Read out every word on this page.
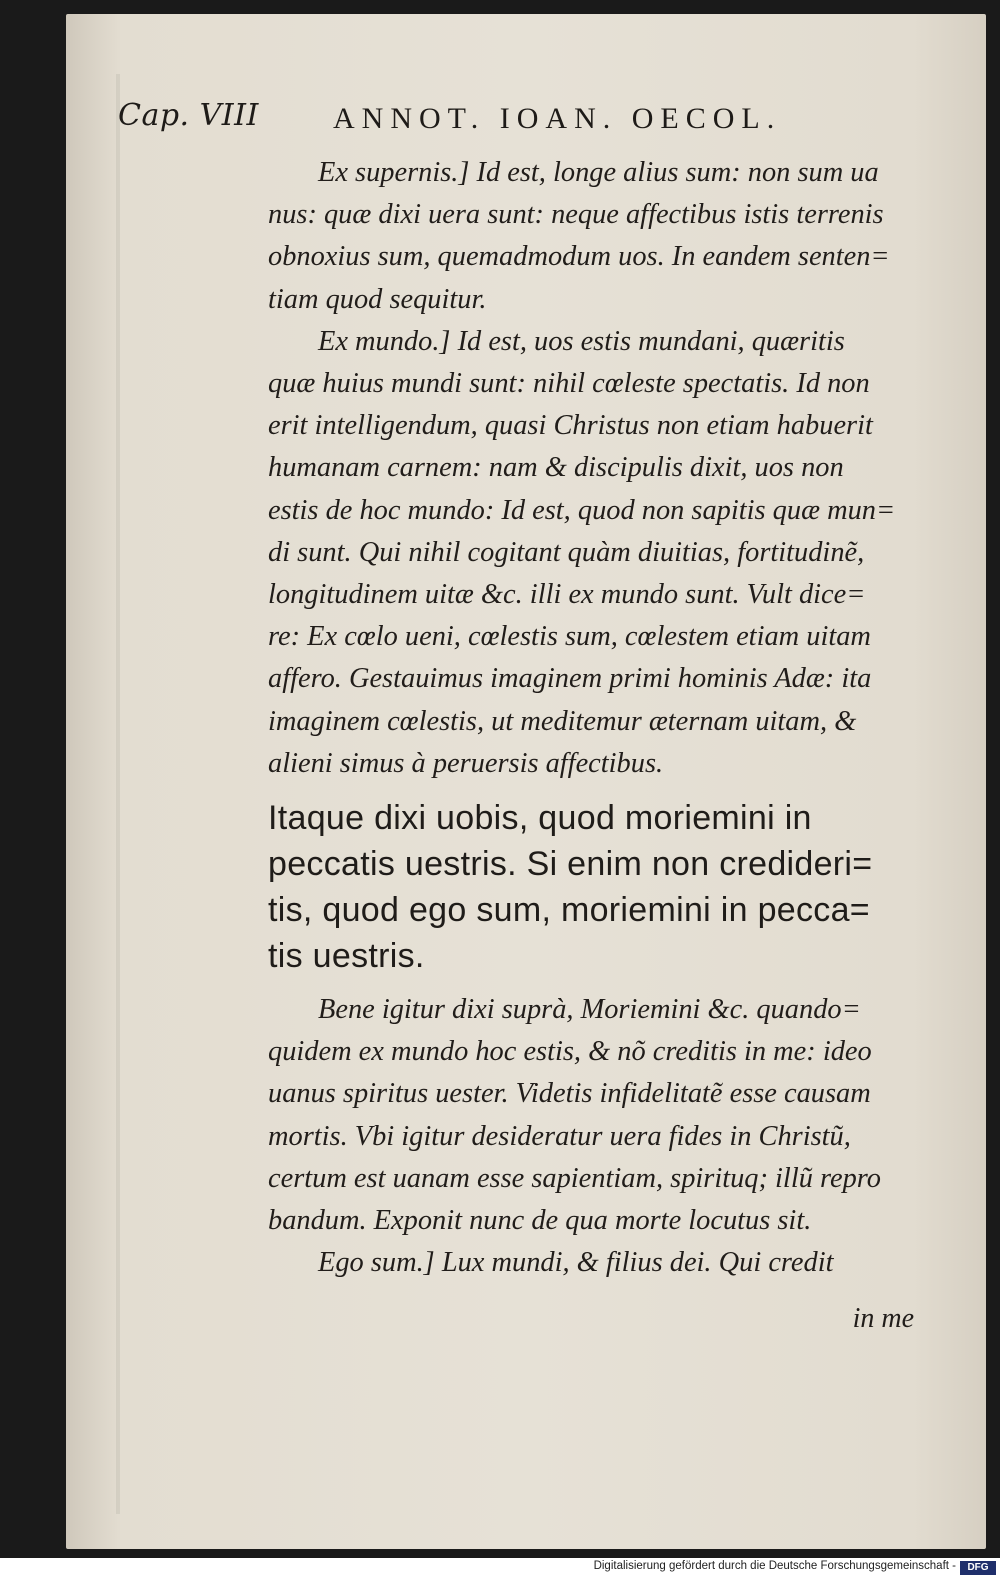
Cap. VIII ANNOT. IOAN. OECOL.

Ex supernis.] Id est, longe alius sum: non sum ua
nus: quæ dixi uera sunt: neque affectibus istis terrenis
obnoxius sum, quemadmodum uos. In eandem senten=
tiam quod sequitur.

Ex mundo.] Id est, uos estis mundani, quæritis
quæ huius mundi sunt: nihil cœleste spectatis. Id non
erit intelligendum, quasi Christus non etiam habuerit
humanam carnem: nam & discipulis dixit, uos non
estis de hoc mundo: Id est, quod non sapitis quæ mun=
di sunt. Qui nihil cogitant quàm diuitias, fortitudinẽ,
longitudinem uitæ &c. illi ex mundo sunt. Vult dice=
re: Ex cœlo ueni, cœlestis sum, cœlestem etiam uitam
affero. Gestauimus imaginem primi hominis Adæ: ita
imaginem cœlestis, ut meditemur æternam uitam, &
alieni simus à peruersis affectibus.

Itaque dixi uobis, quod moriemini in
peccatis uestris. Si enim non credideri=
tis, quod ego sum, moriemini in pecca=
tis uestris.

Bene igitur dixi suprà, Moriemini &c. quando=
quidem ex mundo hoc estis, & nõ creditis in me: ideo
uanus spiritus uester. Videtis infidelitatẽ esse causam
mortis. Vbi igitur desideratur uera fides in Christũ,
certum est uanam esse sapientiam, spirituq; illũ repro
bandum. Exponit nunc de qua morte locutus sit.

Ego sum.] Lux mundi, & filius dei. Qui credit

in me
Digitalisierung gefördert durch die Deutsche Forschungsgemeinschaft -	DFG
